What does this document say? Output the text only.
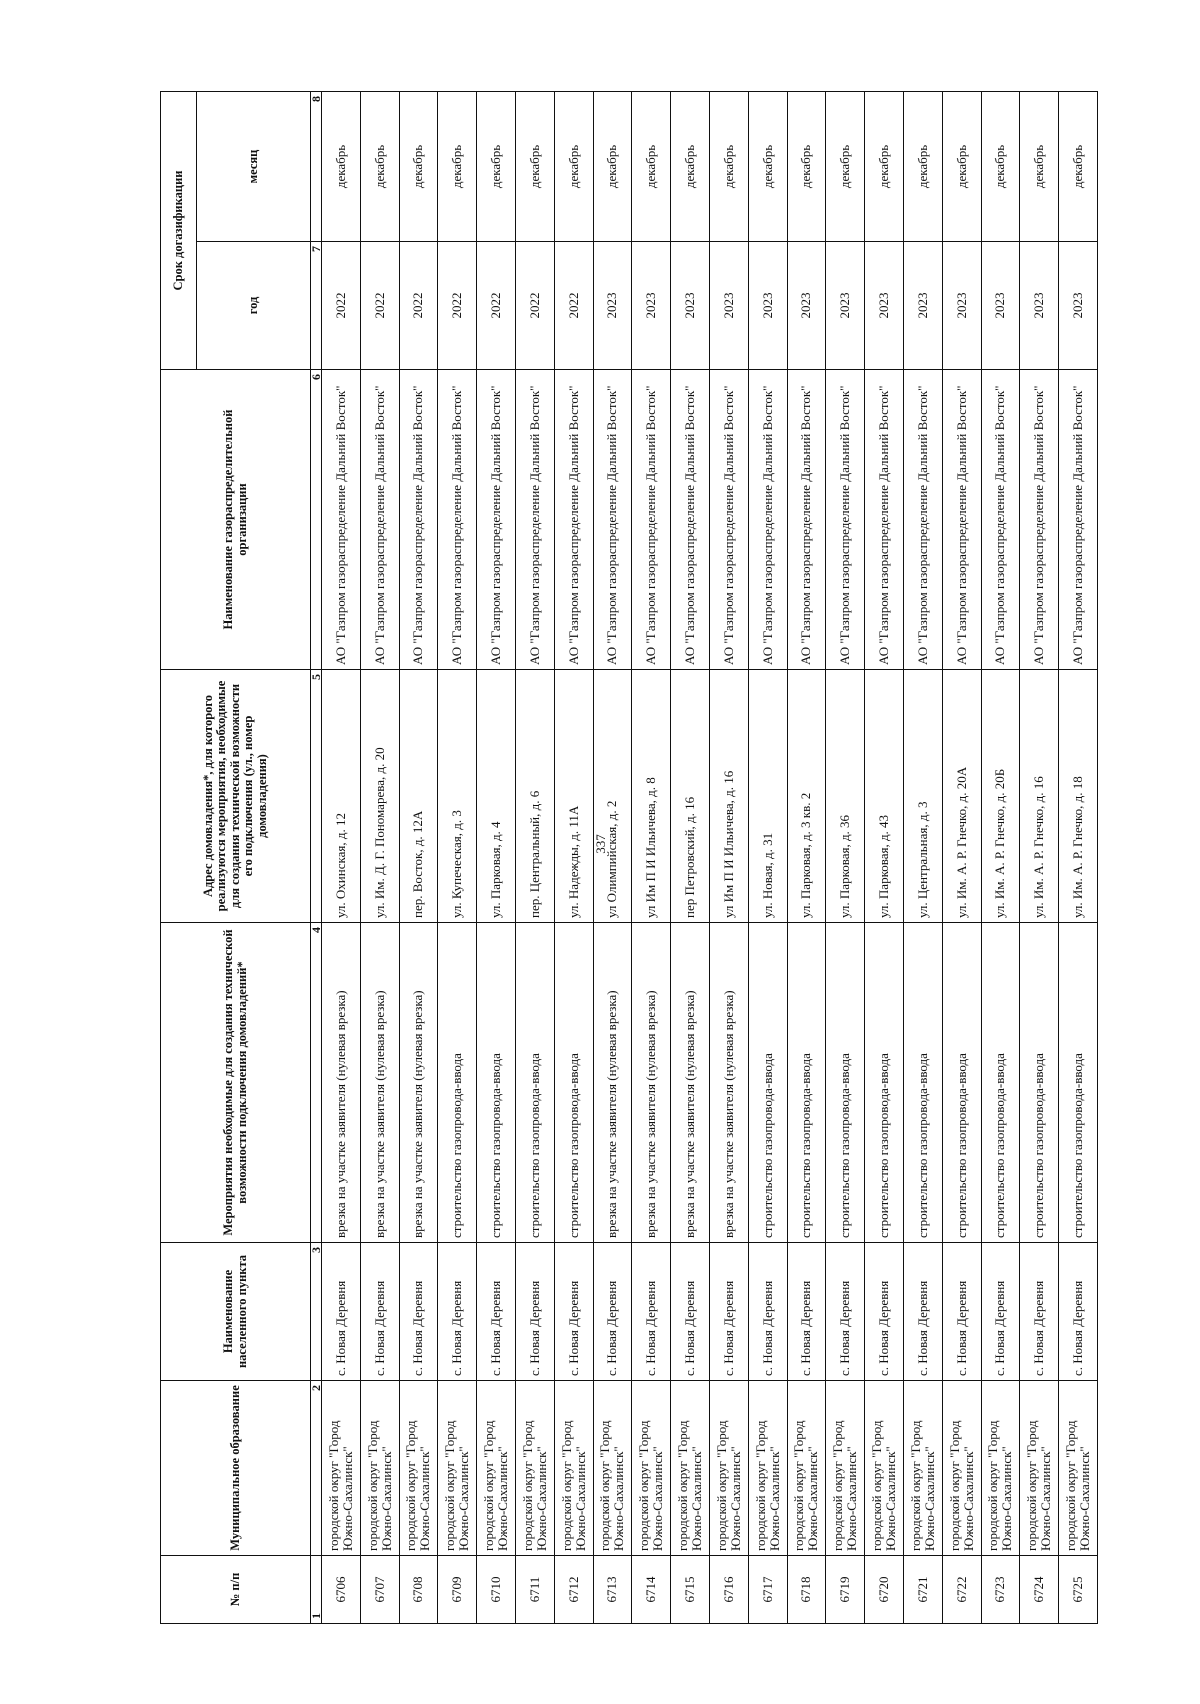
337
№ п/п	Муниципальное образование	Наименование населенного пункта	Мероприятия необходимые для создания технической возможности подключения домовладений*	Адрес домовладения*, для которого реализуются мероприятия, необходимые для создания технической возможности его подключения (ул., номер домовладения)	Наименование газораспределительной организации	Срок догазификации	
						год	месяц
1	2	3	4	5	6	7	8
6706	городской округ "Город Южно-Сахалинск"	с. Новая Деревня	врезка на участке заявителя (нулевая врезка)	ул. Охинская, д. 12	АО "Газпром газораспределение Дальний Восток"	2022	декабрь
6707	городской округ "Город Южно-Сахалинск"	с. Новая Деревня	врезка на участке заявителя (нулевая врезка)	ул. Им. Д. Г. Пономарева, д. 20	АО "Газпром газораспределение Дальний Восток"	2022	декабрь
6708	городской округ "Город Южно-Сахалинск"	с. Новая Деревня	врезка на участке заявителя (нулевая врезка)	пер. Восток, д. 12А	АО "Газпром газораспределение Дальний Восток"	2022	декабрь
6709	городской округ "Город Южно-Сахалинск"	с. Новая Деревня	строительство газопровода-ввода	ул. Купеческая, д. 3	АО "Газпром газораспределение Дальний Восток"	2022	декабрь
6710	городской округ "Город Южно-Сахалинск"	с. Новая Деревня	строительство газопровода-ввода	ул. Парковая, д. 4	АО "Газпром газораспределение Дальний Восток"	2022	декабрь
6711	городской округ "Город Южно-Сахалинск"	с. Новая Деревня	строительство газопровода-ввода	пер. Центральный, д. 6	АО "Газпром газораспределение Дальний Восток"	2022	декабрь
6712	городской округ "Город Южно-Сахалинск"	с. Новая Деревня	строительство газопровода-ввода	ул. Надежды, д. 11А	АО "Газпром газораспределение Дальний Восток"	2022	декабрь
6713	городской округ "Город Южно-Сахалинск"	с. Новая Деревня	врезка на участке заявителя (нулевая врезка)	ул Олимпийская, д. 2	АО "Газпром газораспределение Дальний Восток"	2023	декабрь
6714	городской округ "Город Южно-Сахалинск"	с. Новая Деревня	врезка на участке заявителя (нулевая врезка)	ул Им П И Ильичева, д. 8	АО "Газпром газораспределение Дальний Восток"	2023	декабрь
6715	городской округ "Город Южно-Сахалинск"	с. Новая Деревня	врезка на участке заявителя (нулевая врезка)	пер Петровский, д. 16	АО "Газпром газораспределение Дальний Восток"	2023	декабрь
6716	городской округ "Город Южно-Сахалинск"	с. Новая Деревня	врезка на участке заявителя (нулевая врезка)	ул Им П И Ильичева, д. 16	АО "Газпром газораспределение Дальний Восток"	2023	декабрь
6717	городской округ "Город Южно-Сахалинск"	с. Новая Деревня	строительство газопровода-ввода	ул. Новая, д. 31	АО "Газпром газораспределение Дальний Восток"	2023	декабрь
6718	городской округ "Город Южно-Сахалинск"	с. Новая Деревня	строительство газопровода-ввода	ул. Парковая, д. 3 кв. 2	АО "Газпром газораспределение Дальний Восток"	2023	декабрь
6719	городской округ "Город Южно-Сахалинск"	с. Новая Деревня	строительство газопровода-ввода	ул. Парковая, д. 36	АО "Газпром газораспределение Дальний Восток"	2023	декабрь
6720	городской округ "Город Южно-Сахалинск"	с. Новая Деревня	строительство газопровода-ввода	ул. Парковая, д. 43	АО "Газпром газораспределение Дальний Восток"	2023	декабрь
6721	городской округ "Город Южно-Сахалинск"	с. Новая Деревня	строительство газопровода-ввода	ул. Центральная, д. 3	АО "Газпром газораспределение Дальний Восток"	2023	декабрь
6722	городской округ "Город Южно-Сахалинск"	с. Новая Деревня	строительство газопровода-ввода	ул. Им. А. Р. Гнечко, д. 20А	АО "Газпром газораспределение Дальний Восток"	2023	декабрь
6723	городской округ "Город Южно-Сахалинск"	с. Новая Деревня	строительство газопровода-ввода	ул. Им. А. Р. Гнечко, д. 20Б	АО "Газпром газораспределение Дальний Восток"	2023	декабрь
6724	городской округ "Город Южно-Сахалинск"	с. Новая Деревня	строительство газопровода-ввода	ул. Им. А. Р. Гнечко, д. 16	АО "Газпром газораспределение Дальний Восток"	2023	декабрь
6725	городской округ "Город Южно-Сахалинск"	с. Новая Деревня	строительство газопровода-ввода	ул. Им. А. Р. Гнечко, д. 18	АО "Газпром газораспределение Дальний Восток"	2023	декабрь
